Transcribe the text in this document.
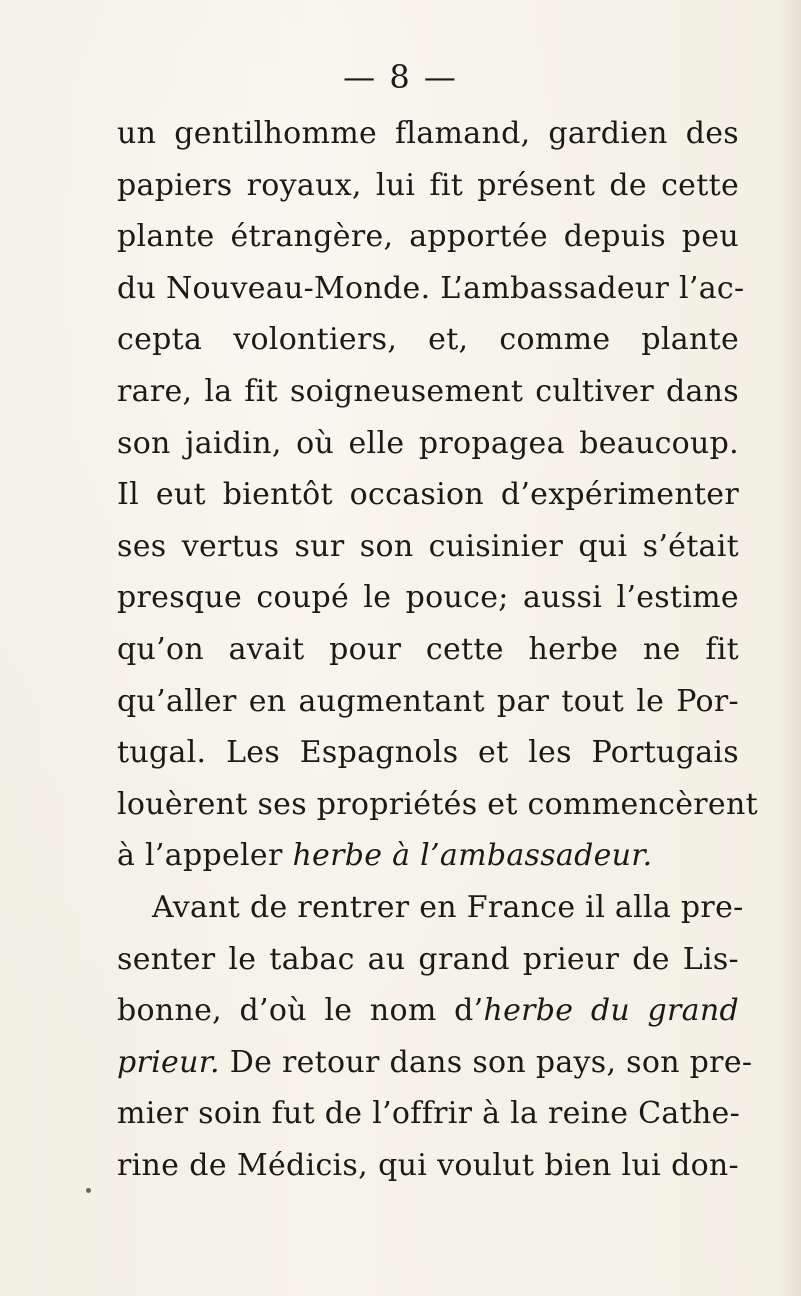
— 8 —
un gentilhomme flamand, gardien des
papiers royaux, lui fit présent de cette
plante étrangère, apportée depuis peu
du Nouveau-Monde. L’ambassadeur l’ac-
cepta volontiers, et, comme plante
rare, la fit soigneusement cultiver dans
son jaidin, où elle propagea beaucoup.
Il eut bientôt occasion d’expérimenter
ses vertus sur son cuisinier qui s’était
presque coupé le pouce; aussi l’estime
qu’on avait pour cette herbe ne fit
qu’aller en augmentant par tout le Por-
tugal. Les Espagnols et les Portugais
louèrent ses propriétés et commencèrent
à l’appeler herbe à l’ambassadeur.
Avant de rentrer en France il alla pre-
senter le tabac au grand prieur de Lis-
bonne, d’où le nom d’herbe du grand
prieur. De retour dans son pays, son pre-
mier soin fut de l’offrir à la reine Cathe-
rine de Médicis, qui voulut bien lui don-
